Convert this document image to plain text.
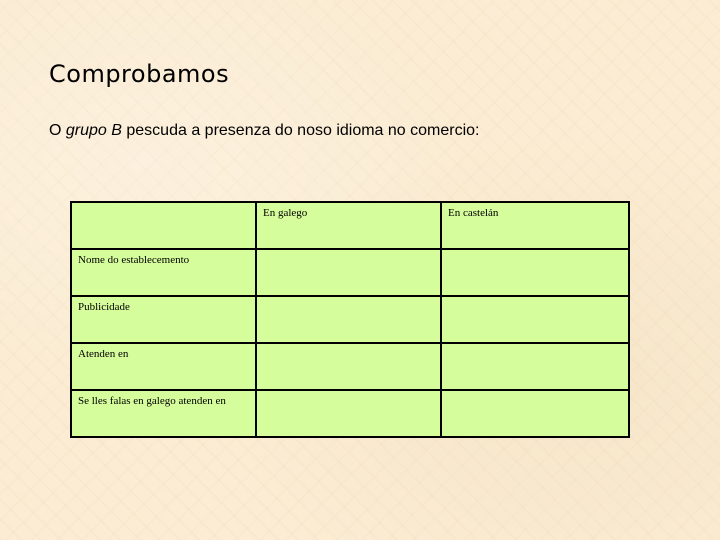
Comprobamos

O grupo B pescuda a presenza do noso idioma no comercio:

	En galego	En castelán
Nome do establecemento		
Publicidade		
Atenden en		
Se lles falas en galego atenden en		
